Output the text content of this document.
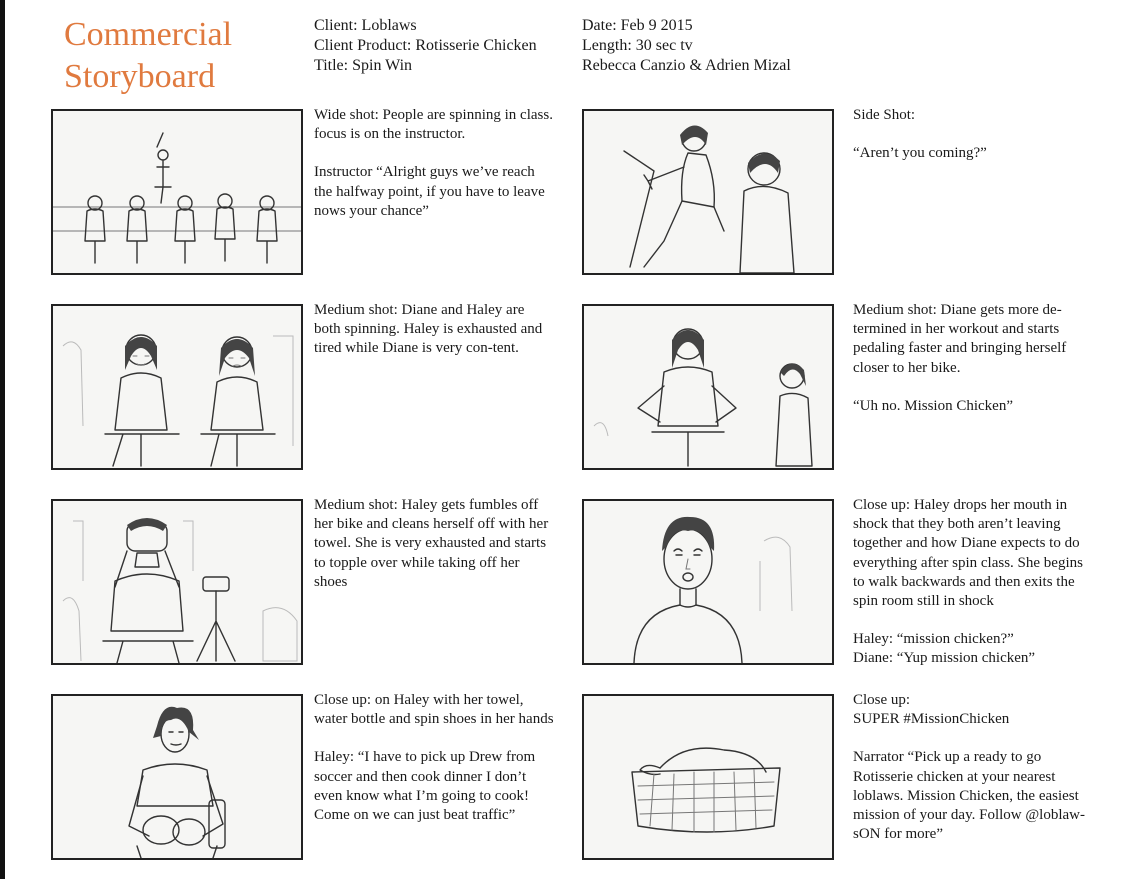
Commercial
Storyboard
Client: Loblaws
Client Product: Rotisserie Chicken
Title: Spin Win
Date: Feb 9 2015
Length: 30 sec tv
Rebecca Canzio & Adrien Mizal

Wide shot: People are spinning in class. focus is on the instructor.

Instructor “Alright guys we’ve reach the halfway point, if you have to leave nows your chance”

Side Shot:

“Aren’t you coming?”

Medium shot: Diane and Haley are both spinning. Haley is exhausted and tired while Diane is very con-tent.

Medium shot: Diane gets more de-termined in her workout and starts pedaling faster and bringing herself closer to her bike.

“Uh no. Mission Chicken”

Medium shot: Haley gets fumbles off her bike and cleans herself off with her towel. She is very exhausted and starts to topple over while taking off her shoes

Close up: Haley drops her mouth in shock that they both aren’t leaving together and how Diane expects to do everything after spin class. She begins to walk backwards and then exits the spin room still in shock

Haley: “mission chicken?”
Diane: “Yup mission chicken”

Close up: on Haley with her towel, water bottle and spin shoes in her hands

Haley: “I have to pick up Drew from soccer and then cook dinner I don’t even know what I’m going to cook! Come on we can just beat traffic”

Close up:
SUPER #MissionChicken

Narrator “Pick up a ready to go Rotisserie chicken at your nearest loblaws. Mission Chicken, the easiest mission of your day. Follow @loblaw-sON for more”
